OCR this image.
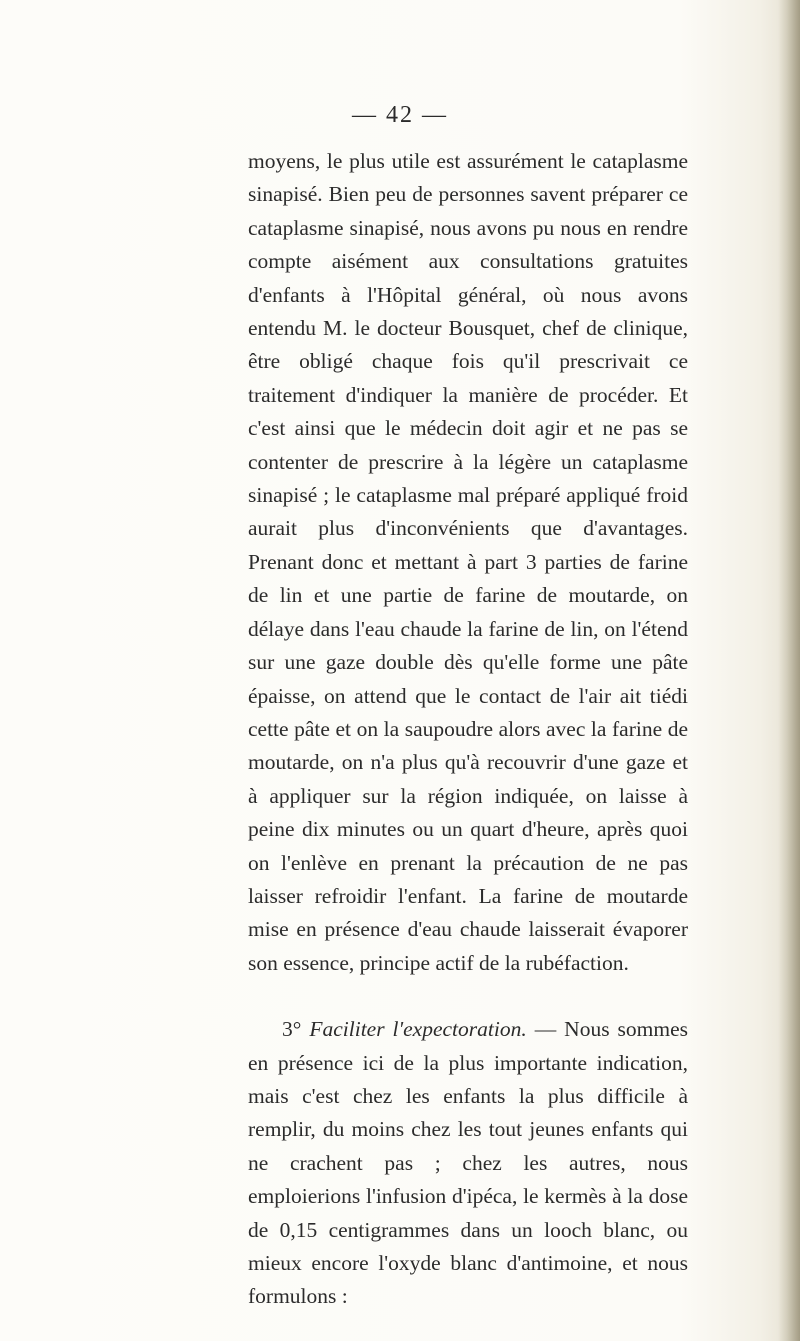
— 42 —

moyens, le plus utile est assurément le cataplasme sinapisé. Bien peu de personnes savent préparer ce cataplasme sinapisé, nous avons pu nous en rendre compte aisément aux consultations gratuites d'enfants à l'Hôpital général, où nous avons entendu M. le docteur Bousquet, chef de clinique, être obligé chaque fois qu'il prescrivait ce traitement d'indiquer la manière de procéder. Et c'est ainsi que le médecin doit agir et ne pas se contenter de prescrire à la légère un cataplasme sinapisé ; le cataplasme mal préparé appliqué froid aurait plus d'inconvénients que d'avantages. Prenant donc et mettant à part 3 parties de farine de lin et une partie de farine de moutarde, on délaye dans l'eau chaude la farine de lin, on l'étend sur une gaze double dès qu'elle forme une pâte épaisse, on attend que le contact de l'air ait tiédi cette pâte et on la saupoudre alors avec la farine de moutarde, on n'a plus qu'à recouvrir d'une gaze et à appliquer sur la région indiquée, on laisse à peine dix minutes ou un quart d'heure, après quoi on l'enlève en prenant la précaution de ne pas laisser refroidir l'enfant. La farine de moutarde mise en présence d'eau chaude laisserait évaporer son essence, principe actif de la rubéfaction.

3° Faciliter l'expectoration. — Nous sommes en présence ici de la plus importante indication, mais c'est chez les enfants la plus difficile à remplir, du moins chez les tout jeunes enfants qui ne crachent pas ; chez les autres, nous emploierions l'infusion d'ipéca, le kermès à la dose de 0,15 centigrammes dans un looch blanc, ou mieux encore l'oxyde blanc d'antimoine, et nous formulons :
